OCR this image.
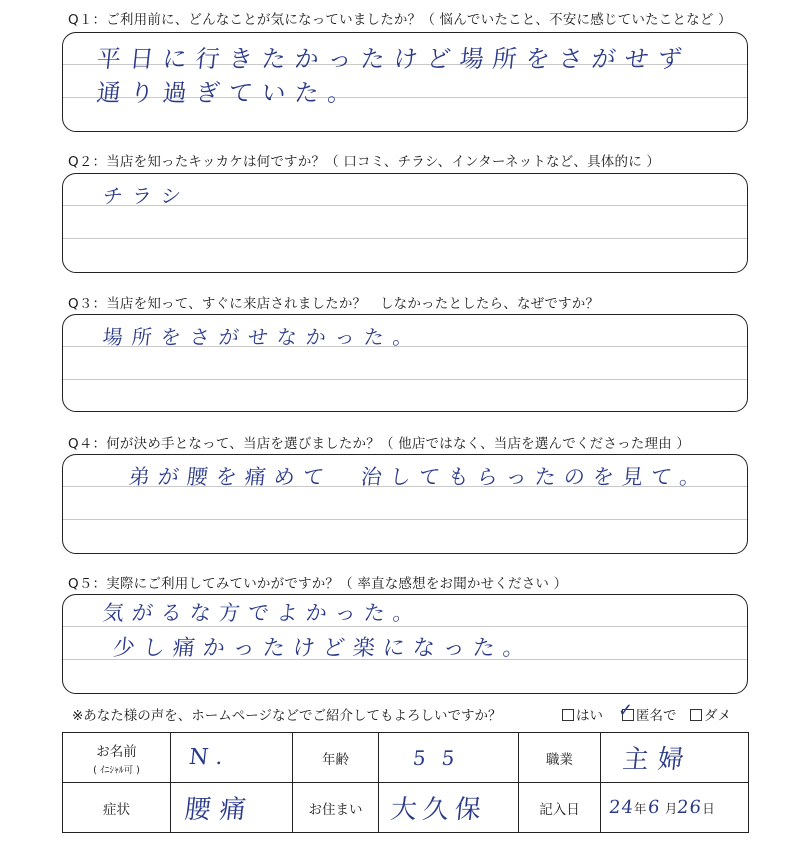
Q１：ご利用前に、どんなことが気になっていましたか？（ 悩んでいたこと、不安に感じていたことなど ）
平日に行きたかったけど場所をさがせず
通り過ぎていた。
Q２：当店を知ったキッカケは何ですか？（ 口コミ、チラシ、インターネットなど、具体的に ）
チラシ
Q３：当店を知って、すぐに来店されましたか？　しなかったとしたら、なぜですか？
場所をさがせなかった。
Q４：何が決め手となって、当店を選びましたか？（ 他店ではなく、当店を選んでくださった理由 ）
弟が腰を痛めて　治してもらったのを見て。
Q５：実際にご利用してみていかがですか？（ 率直な感想をお聞かせください ）
気がるな方でよかった。
少し痛かったけど楽になった。
※あなた様の声を、ホームページなどでご紹介してもよろしいですか？	はい	匿名で
✓	ダメ
お名前
( ｲﾆｼｬﾙ可 )	N.	年齢	55	職業	主婦
症状	腰痛	お住まい	大久保	記入日	24年6 月26日
